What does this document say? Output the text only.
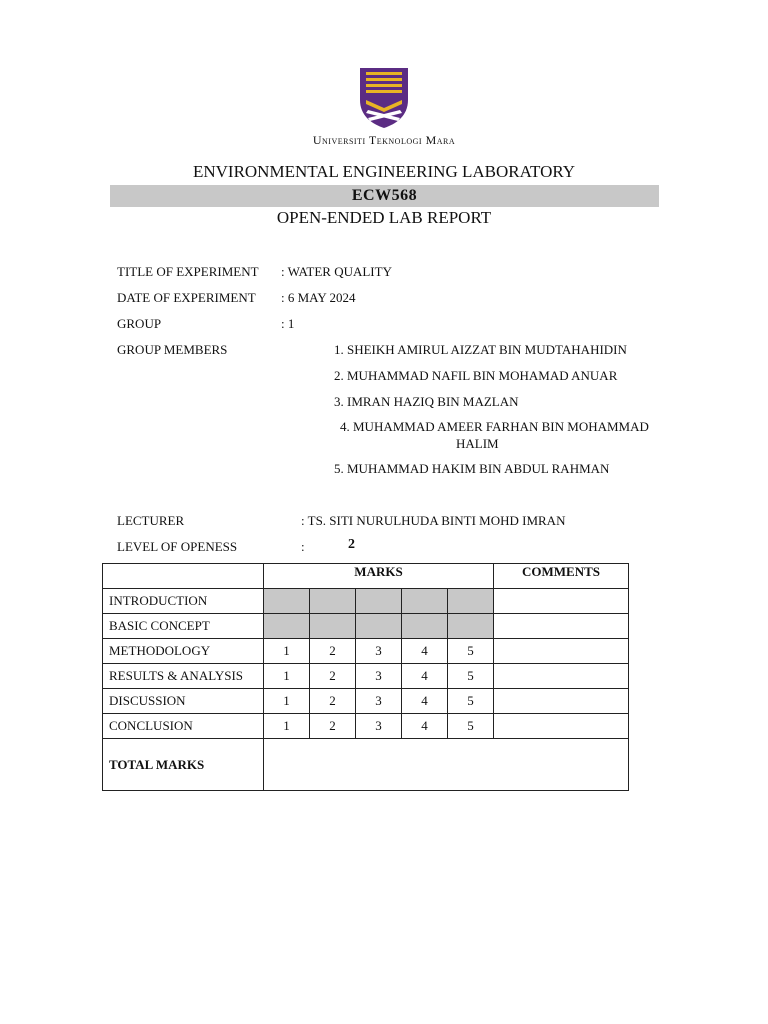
Universiti Teknologi Mara
ENVIRONMENTAL ENGINEERING LABORATORY
ECW568
OPEN-ENDED LAB REPORT
TITLE OF EXPERIMENT : WATER QUALITY
DATE OF EXPERIMENT : 6 MAY 2024
GROUP	: 1
GROUP MEMBERS	1. SHEIKH AMIRUL AIZZAT BIN MUDTAHAHIDIN
2. MUHAMMAD NAFIL BIN MOHAMAD ANUAR
3. IMRAN HAZIQ BIN MAZLAN
4. MUHAMMAD AMEER FARHAN BIN MOHAMMAD
HALIM
5. MUHAMMAD HAKIM BIN ABDUL RAHMAN
LECTURER	: TS. SITI NURULHUDA BINTI MOHD IMRAN
LEVEL OF OPENESS	:	2
	MARKS					COMMENTS
INTRODUCTION						
BASIC CONCEPT						
METHODOLOGY	1	2	3	4	5	
RESULTS & ANALYSIS	1	2	3	4	5	
DISCUSSION	1	2	3	4	5	
CONCLUSION	1	2	3	4	5	
TOTAL MARKS						
